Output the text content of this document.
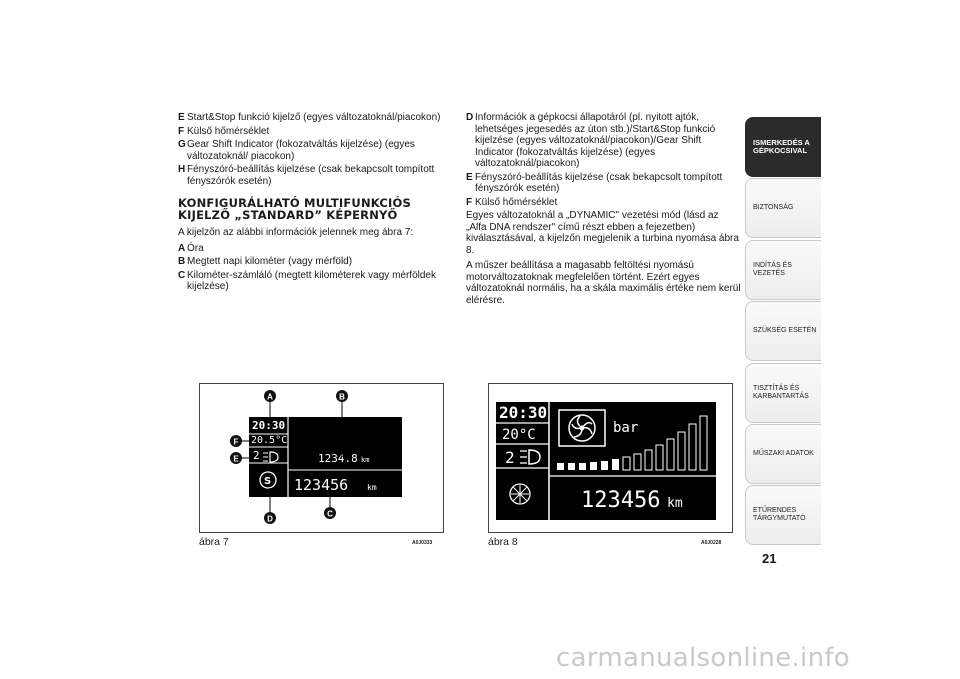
E Start&Stop funkció kijelző (egyes változatoknál/piacokon)
F Külső hőmérséklet
G Gear Shift Indicator (fokozatváltás kijelzése) (egyes változatoknál/ piacokon)
H Fényszóró-beállítás kijelzése (csak bekapcsolt tompított fényszórók esetén)
KONFIGURÁLHATÓ MULTIFUNKCIÓS KIJELZŐ „STANDARD” KÉPERNYŐ
A kijelzőn az alábbi információk jelennek meg ábra 7:
A Óra
B Megtett napi kilométer (vagy mérföld)
C Kilométer-számláló (megtett kilométerek vagy mérföldek kijelzése)
D Információk a gépkocsi állapotáról (pl. nyitott ajtók, lehetséges jegesedés az úton stb.)/Start&Stop funkció kijelzése (egyes változatoknál/piacokon)/Gear Shift Indicator (fokozatváltás kijelzése) (egyes változatoknál/piacokon)
E Fényszóró-beállítás kijelzése (csak bekapcsolt tompított fényszórók esetén)
F Külső hőmérséklet
Egyes változatoknál a „DYNAMIC" vezetési mód (lásd az „Alfa DNA rendszer" című részt ebben a fejezetben) kiválasztásával, a kijelzőn megjelenik a turbina nyomása ábra 8.
A műszer beállítása a magasabb feltöltési nyomású motorváltozatoknak megfelelően történt. Ezért egyes változatoknál normális, ha a skála maximális értéke nem kerül elérésre.
20:30
20.5°C
2
S
1234.8 km
123456 km
A	B
C
D
E
F
ábra 7	A0J0333
20:30
20°C
2
bar
123456 km
ábra 8	A0J0228
ISMERKEDÉS A GÉPKOCSIVAL
BIZTONSÁG
INDÍTÁS ÉS VEZETÉS
SZÜKSÉG ESETÉN
TISZTÍTÁS ÉS KARBANTARTÁS
MŰSZAKI ADATOK
ETŰRENDES TÁRGYMUTATÓ
21
carmanualsonline.info
